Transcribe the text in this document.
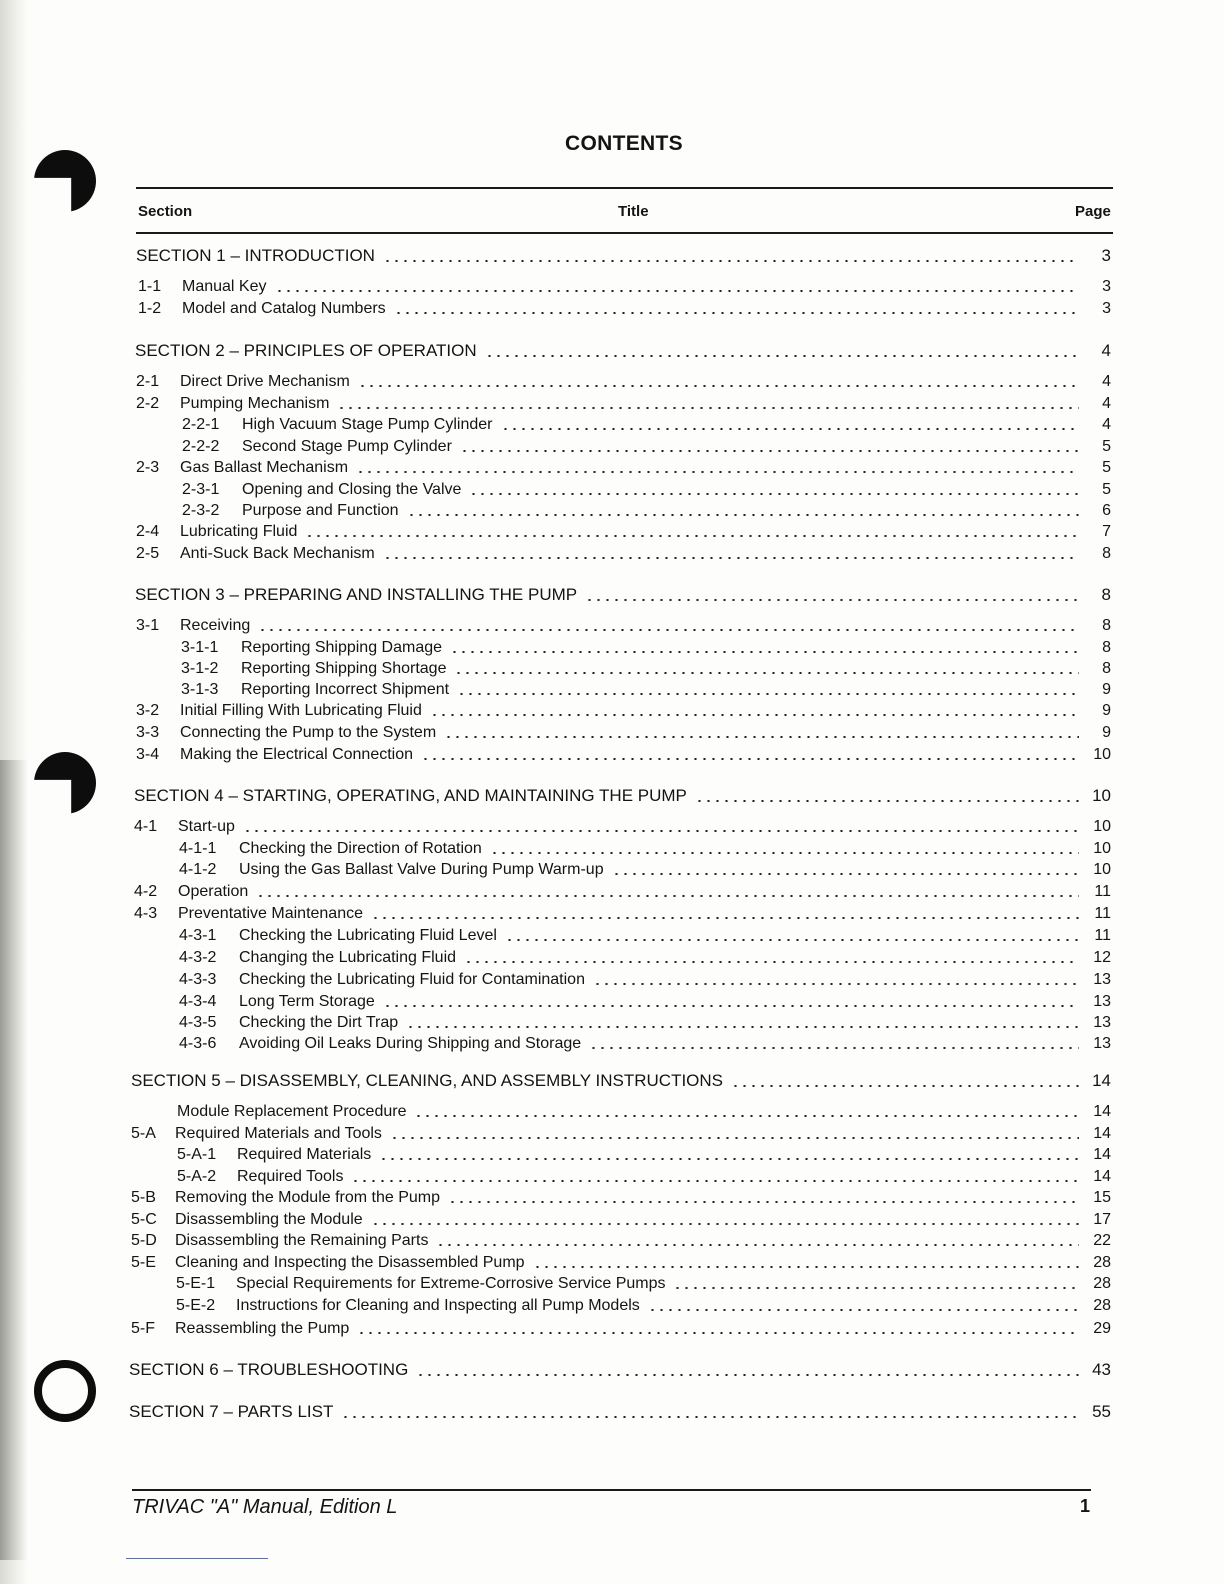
CONTENTS
Section	Title	Page
SECTION 1 – INTRODUCTION	3
1-1	Manual Key	3
1-2	Model and Catalog Numbers	3
SECTION 2 – PRINCIPLES OF OPERATION	4
2-1	Direct Drive Mechanism	4
2-2	Pumping Mechanism	4
2-2-1	High Vacuum Stage Pump Cylinder	4
2-2-2	Second Stage Pump Cylinder	5
2-3	Gas Ballast Mechanism	5
2-3-1	Opening and Closing the Valve	5
2-3-2	Purpose and Function	6
2-4	Lubricating Fluid	7
2-5	Anti-Suck Back Mechanism	8
SECTION 3 – PREPARING AND INSTALLING THE PUMP	8
3-1	Receiving	8
3-1-1	Reporting Shipping Damage	8
3-1-2	Reporting Shipping Shortage	8
3-1-3	Reporting Incorrect Shipment	9
3-2	Initial Filling With Lubricating Fluid	9
3-3	Connecting the Pump to the System	9
3-4	Making the Electrical Connection	10
SECTION 4 – STARTING, OPERATING, AND MAINTAINING THE PUMP	10
4-1	Start-up	10
4-1-1	Checking the Direction of Rotation	10
4-1-2	Using the Gas Ballast Valve During Pump Warm-up	10
4-2	Operation	11
4-3	Preventative Maintenance	11
4-3-1	Checking the Lubricating Fluid Level	11
4-3-2	Changing the Lubricating Fluid	12
4-3-3	Checking the Lubricating Fluid for Contamination	13
4-3-4	Long Term Storage	13
4-3-5	Checking the Dirt Trap	13
4-3-6	Avoiding Oil Leaks During Shipping and Storage	13
SECTION 5 – DISASSEMBLY, CLEANING, AND ASSEMBLY INSTRUCTIONS	14
Module Replacement Procedure	14
5-A	Required Materials and Tools	14
5-A-1	Required Materials	14
5-A-2	Required Tools	14
5-B	Removing the Module from the Pump	15
5-C	Disassembling the Module	17
5-D	Disassembling the Remaining Parts	22
5-E	Cleaning and Inspecting the Disassembled Pump	28
5-E-1	Special Requirements for Extreme-Corrosive Service Pumps	28
5-E-2	Instructions for Cleaning and Inspecting all Pump Models	28
5-F	Reassembling the Pump	29
SECTION 6 – TROUBLESHOOTING	43
SECTION 7 – PARTS LIST	55
TRIVAC "A" Manual, Edition L	1
